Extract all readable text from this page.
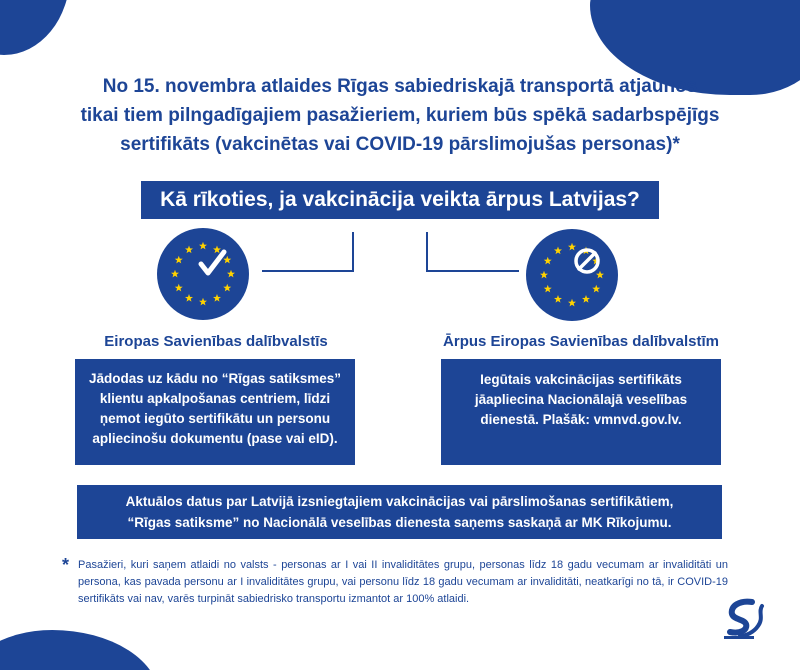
No 15. novembra atlaides Rīgas sabiedriskajā transportā atjaunos
tikai tiem pilngadīgajiem pasažieriem, kuriem būs spēkā sadarbspējīgs
sertifikāts (vakcinētas vai COVID-19 pārslimojušas personas)*
Kā rīkoties, ja vakcinācija veikta ārpus Latvijas?
Eiropas Savienības dalībvalstīs	Ārpus Eiropas Savienības dalībvalstīm
Jādodas uz kādu no “Rīgas satiksmes”
klientu apkalpošanas centriem, līdzi
ņemot iegūto sertifikātu un personu
apliecinošu dokumentu (pase vai eID).
Iegūtais vakcinācijas sertifikāts
jāapliecina Nacionālajā veselības
dienestā. Plašāk: vmnvd.gov.lv.
Aktuālos datus par Latvijā izsniegtajiem vakcinācijas vai pārslimošanas sertifikātiem,
“Rīgas satiksme” no Nacionālā veselības dienesta saņems saskaņā ar MK Rīkojumu.
* Pasažieri, kuri saņem atlaidi no valsts - personas ar I vai II invaliditātes grupu, personas līdz 18 gadu vecumam ar invaliditāti un persona, kas pavada personu ar I invaliditātes grupu, vai personu līdz 18 gadu vecumam ar invaliditāti, neatkarīgi no tā, ir COVID-19 sertifikāts vai nav, varēs turpināt sabiedrisko transportu izmantot ar 100% atlaidi.
